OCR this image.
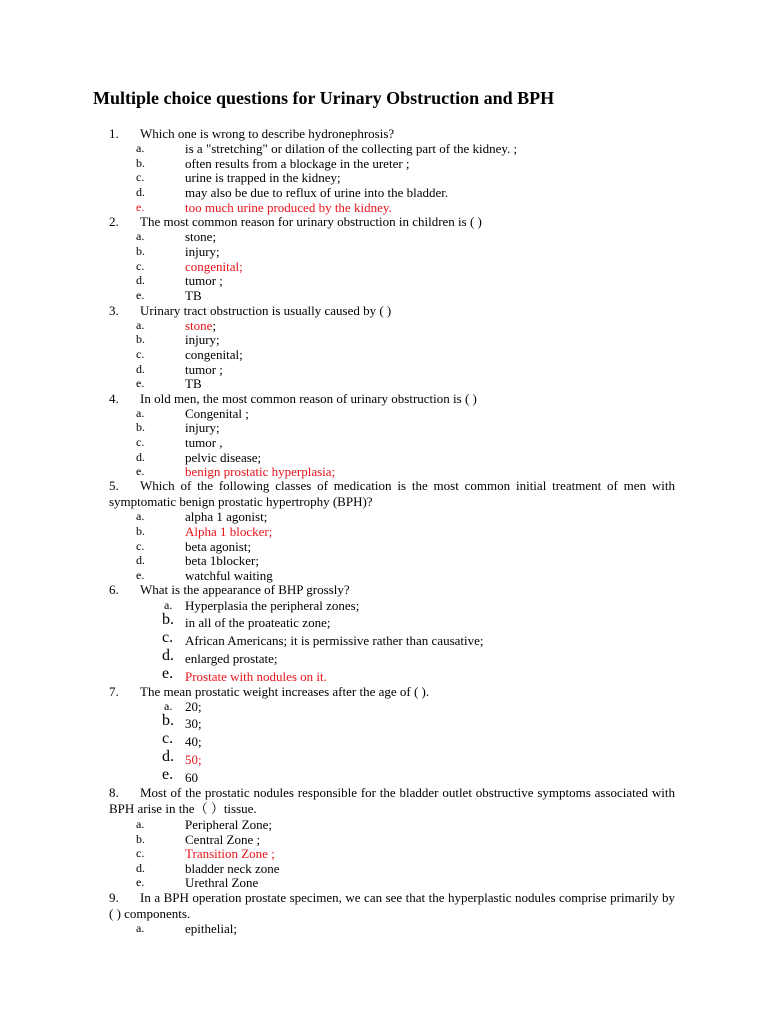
Multiple choice questions for Urinary Obstruction and BPH
1. Which one is wrong to describe hydronephrosis?
a.	is a "stretching" or dilation of the collecting part of the kidney. ;
b.	often results from a blockage in the ureter ;
c.	urine is trapped in the kidney;
d.	may also be due to reflux of urine into the bladder.
e.	too much urine produced by the kidney.
2. The most common reason for urinary obstruction in children is ( )
a.	stone;
b.	injury;
c.	congenital;
d.	tumor ;
e.	TB
3. Urinary tract obstruction is usually caused by ( )
a.	stone;
b.	injury;
c.	congenital;
d.	tumor ;
e.	TB
4. In old men, the most common reason of urinary obstruction is ( )
a.	Congenital ;
b.	injury;
c.	tumor ,
d.	pelvic disease;
e.	benign prostatic hyperplasia;
5. Which of the following classes of medication is the most common initial treatment of men with symptomatic benign prostatic hypertrophy (BPH)?
a.	alpha 1 agonist;
b.	Alpha 1 blocker;
c.	beta agonist;
d.	beta 1blocker;
e.	watchful waiting
6. What is the appearance of BHP grossly?
a. Hyperplasia the peripheral zones;
b. in all of the proateatic zone;
c. African Americans; it is permissive rather than causative;
d. enlarged prostate;
e. Prostate with nodules on it.
7. The mean prostatic weight increases after the age of ( ).
a. 20;
b. 30;
c. 40;
d. 50;
e. 60
8. Most of the prostatic nodules responsible for the bladder outlet obstructive symptoms associated with BPH arise in the（ ）tissue.
a.	Peripheral Zone;
b.	Central Zone ;
c.	Transition Zone ;
d.	bladder neck zone
e.	Urethral Zone
9. In a BPH operation prostate specimen, we can see that the hyperplastic nodules comprise primarily by ( ) components.
a.	epithelial;
